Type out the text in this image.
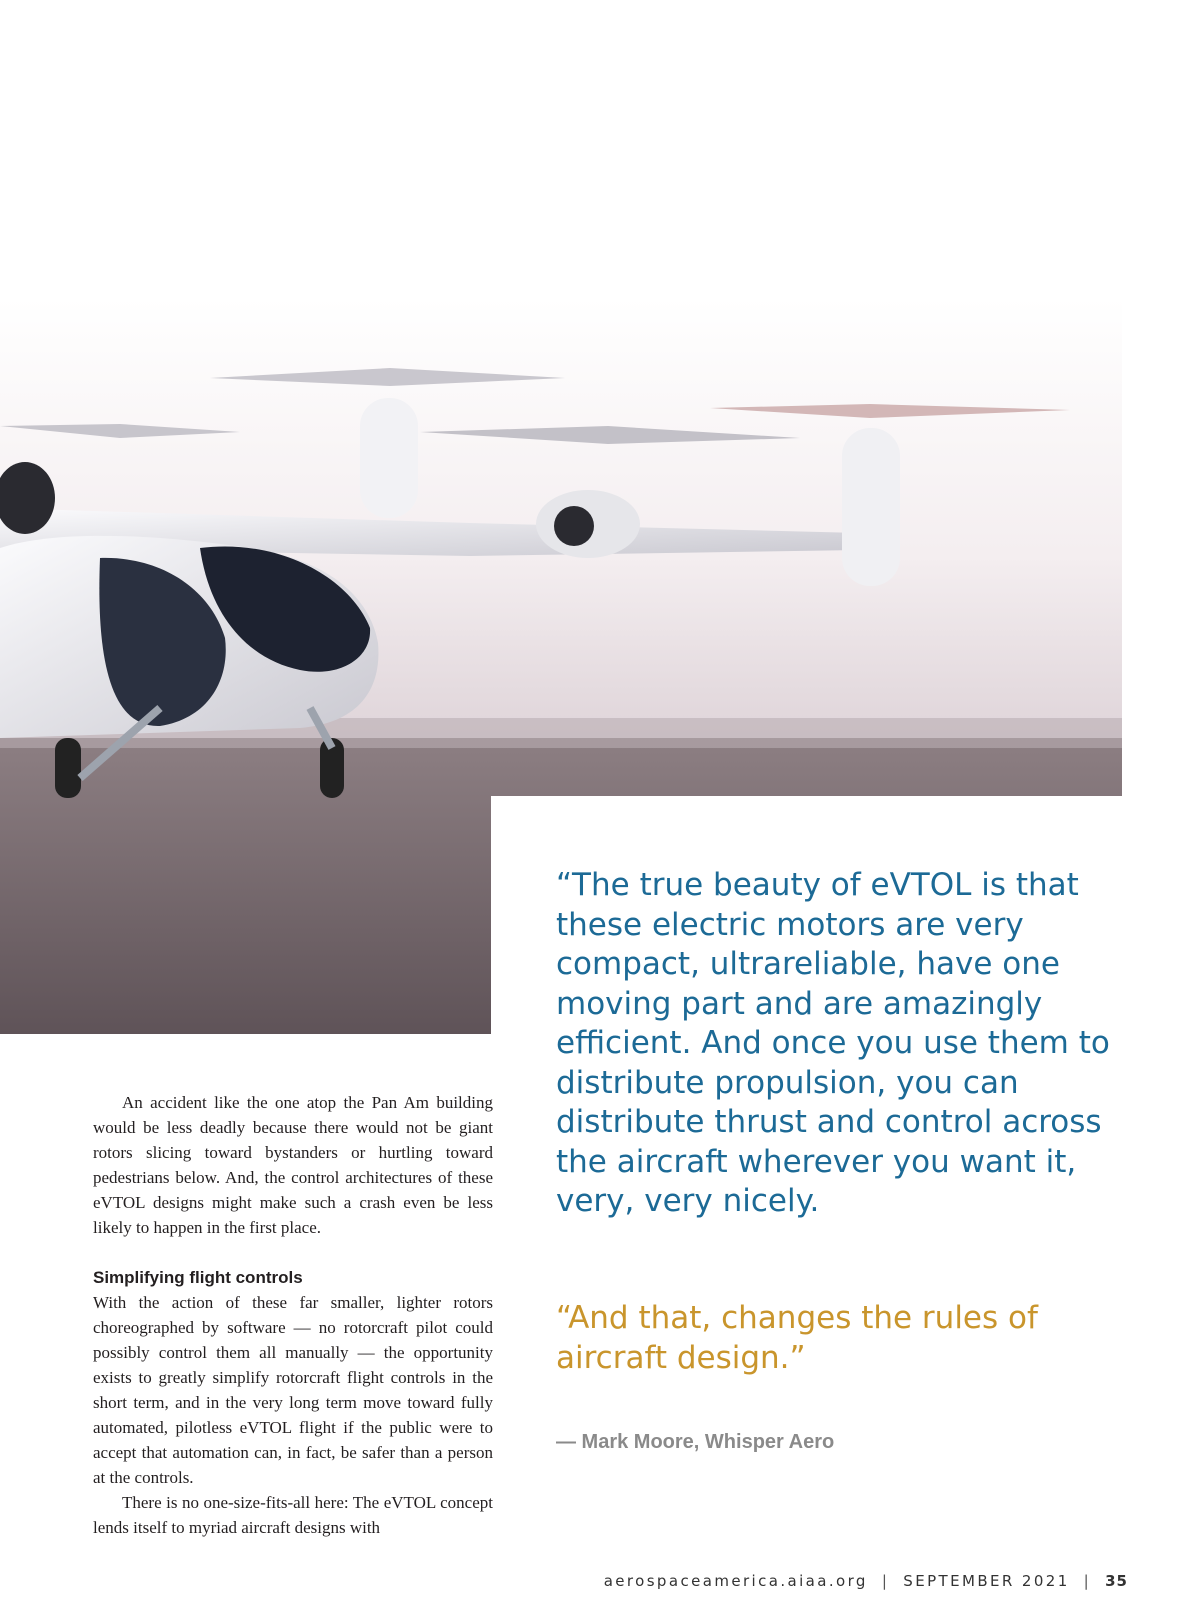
“The true beauty of eVTOL is that these electric motors are very compact, ultrareliable, have one moving part and are amazingly efficient. And once you use them to distribute propulsion, you can distribute thrust and control across the aircraft wherever you want it, very, very nicely.

“And that, changes the rules of aircraft design.”

— Mark Moore, Whisper Aero

An accident like the one atop the Pan Am building would be less deadly because there would not be giant rotors slicing toward bystanders or hurtling toward pedestrians below. And, the control architectures of these eVTOL designs might make such a crash even be less likely to happen in the first place.

Simplifying flight controls

With the action of these far smaller, lighter rotors choreographed by software — no rotorcraft pilot could possibly control them all manually — the opportunity exists to greatly simplify rotorcraft flight controls in the short term, and in the very long term move toward fully automated, pilotless eVTOL flight if the public were to accept that automation can, in fact, be safer than a person at the controls.

There is no one-size-fits-all here: The eVTOL concept lends itself to myriad aircraft designs with

aerospaceamerica.aiaa.org | SEPTEMBER 2021 | 35
